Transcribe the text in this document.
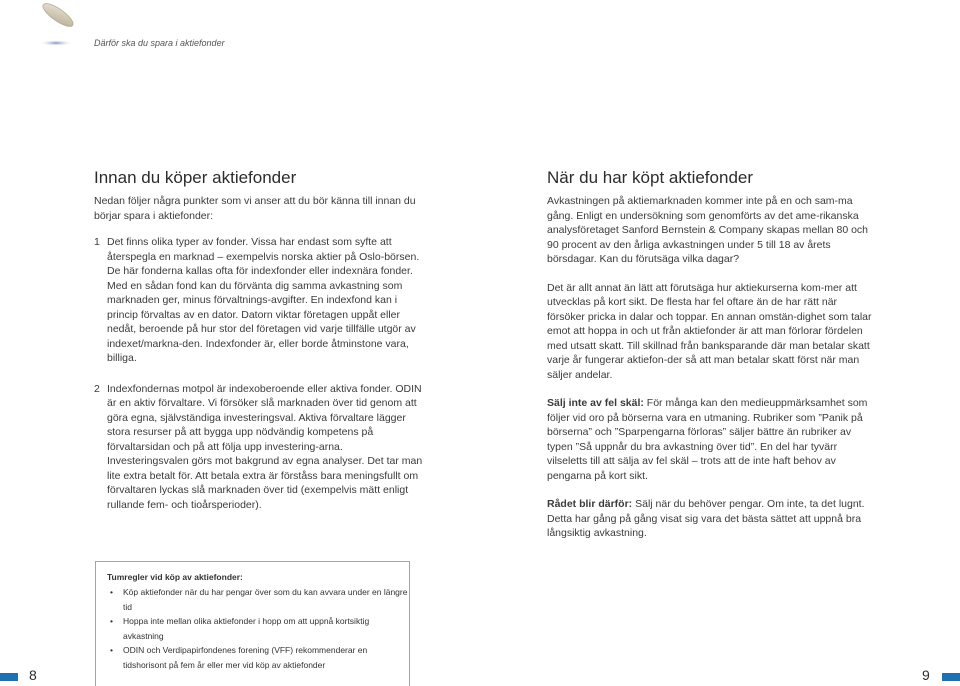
Därför ska du spara i aktiefonder
Innan du köper aktiefonder

Nedan följer några punkter som vi anser att du bör känna till innan du börjar spara i aktiefonder:

1 Det finns olika typer av fonder. Vissa har endast som syfte att återspegla en marknad – exempelvis norska aktier på Oslo-börsen. De här fonderna kallas ofta för indexfonder eller indexnära fonder. Med en sådan fond kan du förvänta dig samma avkastning som marknaden ger, minus förvaltnings-avgifter. En indexfond kan i princip förvaltas av en dator. Datorn viktar företagen uppåt eller nedåt, beroende på hur stor del företagen vid varje tillfälle utgör av indexet/markna-den. Indexfonder är, eller borde åtminstone vara, billiga.
2 Indexfondernas motpol är indexoberoende eller aktiva fonder. ODIN är en aktiv förvaltare. Vi försöker slå marknaden över tid genom att göra egna, självständiga investeringsval. Aktiva förvaltare lägger stora resurser på att bygga upp nödvändig kompetens på förvaltarsidan och på att följa upp investering-arna. Investeringsvalen görs mot bakgrund av egna analyser. Det tar man lite extra betalt för. Att betala extra är förståss bara meningsfullt om förvaltaren lyckas slå marknaden över tid (exempelvis mätt enligt rullande fem- och tioårsperioder).
När du har köpt aktiefonder

Avkastningen på aktiemarknaden kommer inte på en och sam-ma gång. Enligt en undersökning som genomförts av det ame-rikanska analysföretaget Sanford Bernstein & Company skapas mellan 80 och 90 procent av den årliga avkastningen under 5 till 18 av årets börsdagar. Kan du förutsäga vilka dagar?

Det är allt annat än lätt att förutsäga hur aktiekurserna kom-mer att utvecklas på kort sikt. De flesta har fel oftare än de har rätt när försöker pricka in dalar och toppar. En annan omstän-dighet som talar emot att hoppa in och ut från aktiefonder är att man förlorar fördelen med utsatt skatt. Till skillnad från banksparande där man betalar skatt varje år fungerar aktiefon-der så att man betalar skatt först när man säljer andelar.

Sälj inte av fel skäl: För många kan den medieuppmärksamhet som följer vid oro på börserna vara en utmaning. Rubriker som ”Panik på börserna” och ”Sparpengarna förloras” säljer bättre än rubriker av typen ”Så uppnår du bra avkastning över tid”. En del har tyvärr vilseletts till att sälja av fel skäl – trots att de inte haft behov av pengarna på kort sikt.

Rådet blir därför: Sälj när du behöver pengar. Om inte, ta det lugnt. Detta har gång på gång visat sig vara det bästa sättet att uppnå bra långsiktig avkastning.

Tumregler vid köp av aktiefonder:
• Köp aktiefonder när du har pengar över som du kan avvara under en längre tid
• Hoppa inte mellan olika aktiefonder i hopp om att uppnå kortsiktig avkastning
• ODIN och Verdipapirfondenes forening (VFF) rekommenderar en tidshorisont på fem år eller mer vid köp av aktiefonder
8	9
